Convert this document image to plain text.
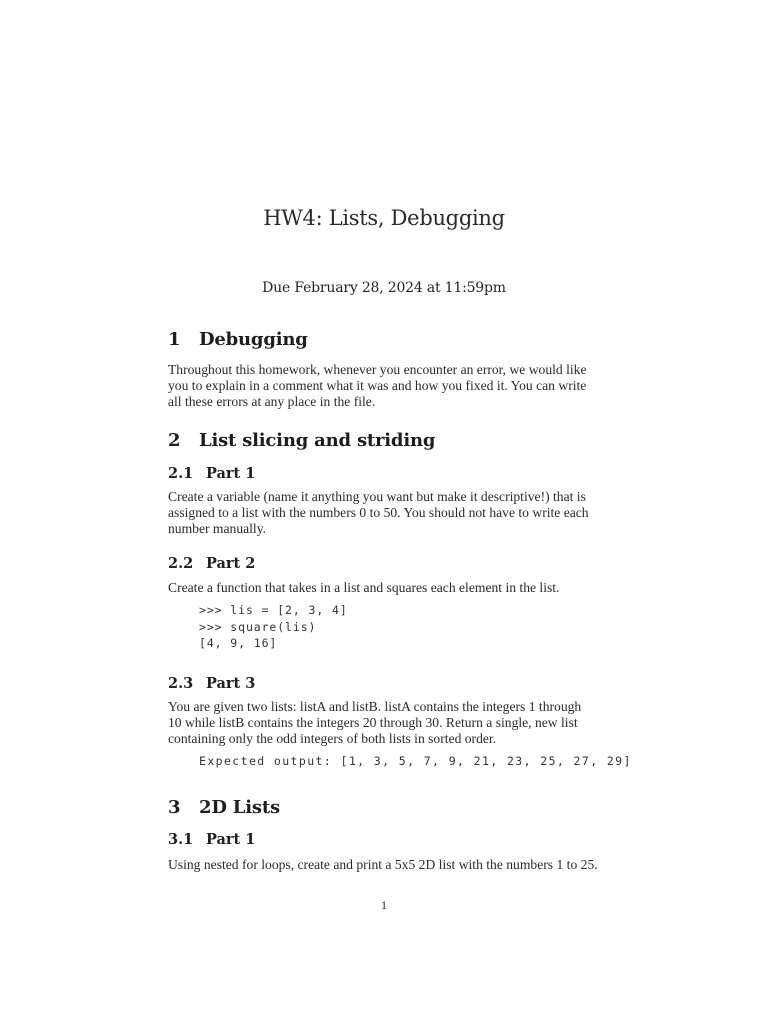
HW4: Lists, Debugging
Due February 28, 2024 at 11:59pm
1 Debugging
Throughout this homework, whenever you encounter an error, we would like
you to explain in a comment what it was and how you fixed it. You can write
all these errors at any place in the file.
2 List slicing and striding
2.1 Part 1
Create a variable (name it anything you want but make it descriptive!) that is
assigned to a list with the numbers 0 to 50. You should not have to write each
number manually.
2.2 Part 2
Create a function that takes in a list and squares each element in the list.
>>> lis = [2, 3, 4]
>>> square(lis)
[4, 9, 16]
2.3 Part 3
You are given two lists: listA and listB. listA contains the integers 1 through
10 while listB contains the integers 20 through 30. Return a single, new list
containing only the odd integers of both lists in sorted order.
Expected output: [1, 3, 5, 7, 9, 21, 23, 25, 27, 29]
3 2D Lists
3.1 Part 1
Using nested for loops, create and print a 5x5 2D list with the numbers 1 to 25.
1
